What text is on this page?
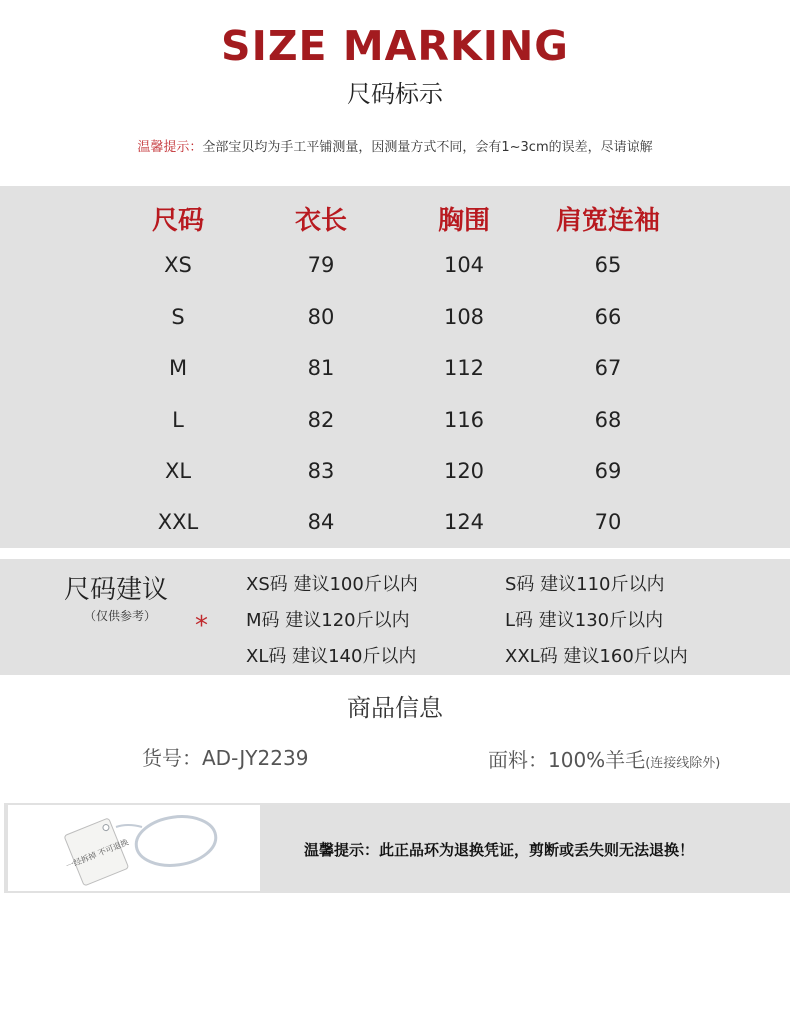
SIZE MARKING
尺码标示
温馨提示：全部宝贝均为手工平铺测量，因测量方式不同，会有1~3cm的误差，尽请谅解
尺码	衣长	胸围	肩宽连袖
XS	79	104	65
S	80	108	66
M	81	112	67
L	82	116	68
XL	83	120	69
XXL	84	124	70
尺码建议
（仅供参考） *
XS码 建议100斤以内	S码 建议110斤以内
M码 建议120斤以内	L码 建议130斤以内
XL码 建议140斤以内	XXL码 建议160斤以内
商品信息
货号：AD-JY2239	面料：100%羊毛(连接线除外)
一经拆掉 不可退换	温馨提示：此正品环为退换凭证，剪断或丢失则无法退换！
